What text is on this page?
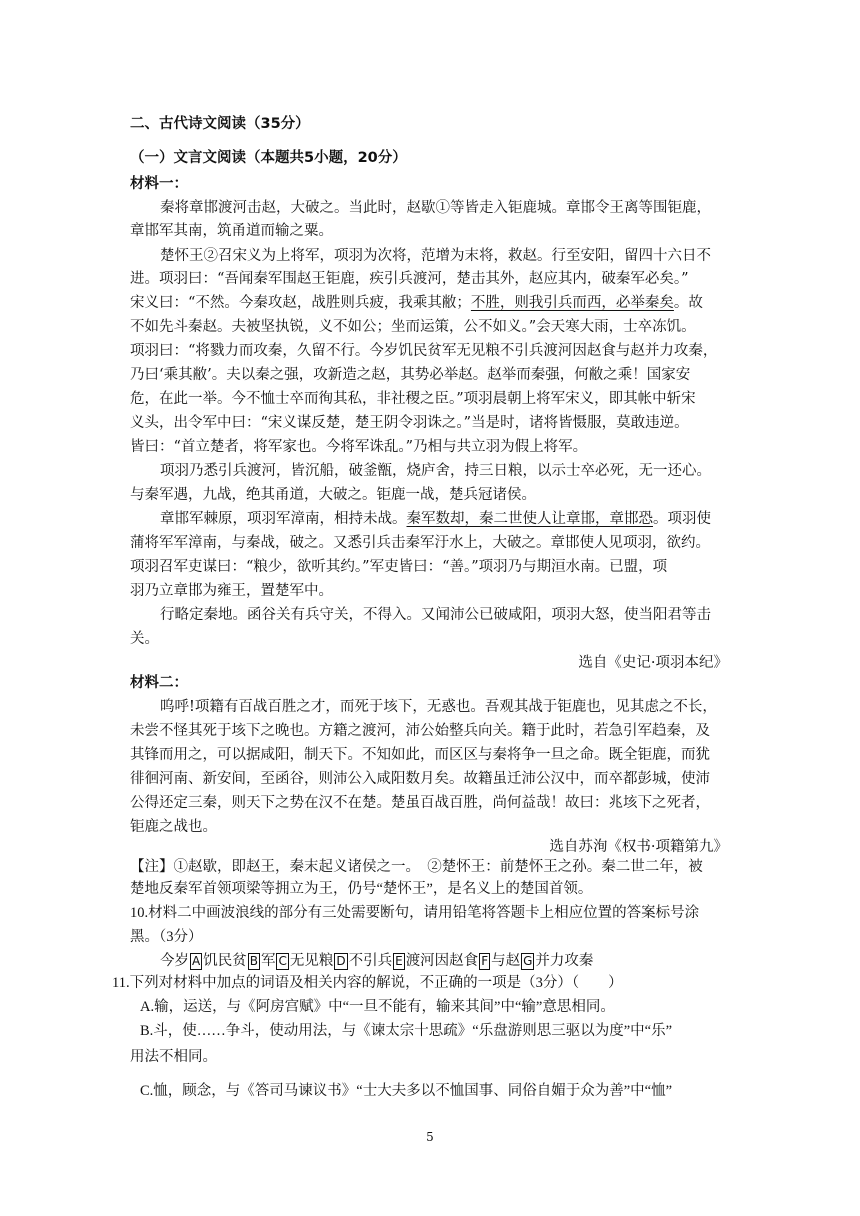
二、古代诗文阅读（35分）
（一）文言文阅读（本题共5小题，20分）
材料一：
秦将章邯渡河击赵，大破之。当此时，赵歇①等皆走入钜鹿城。章邯令王离等围钜鹿，
章邯军其南，筑甬道而输之粟。
楚怀王②召宋义为上将军，项羽为次将，范增为末将，救赵。行至安阳，留四十六日不
进。项羽曰：“吾闻秦军围赵王钜鹿，疾引兵渡河，楚击其外，赵应其内，破秦军必矣。”
宋义曰：“不然。今秦攻赵，战胜则兵疲，我乘其敝；不胜，则我引兵而西，必举秦矣。故
不如先斗秦赵。夫被坚执锐，义不如公；坐而运策，公不如义。”会天寒大雨，士卒冻饥。
项羽曰：“将戮力而攻秦，久留不行。今岁饥民贫军无见粮不引兵渡河因赵食与赵并力攻秦，
乃曰‘乘其敝’。夫以秦之强，攻新造之赵，其势必举赵。赵举而秦强，何敝之乘！国家安
危，在此一举。今不恤士卒而徇其私，非社稷之臣。”项羽晨朝上将军宋义，即其帐中斩宋
义头，出令军中曰：“宋义谋反楚，楚王阴令羽诛之。”当是时，诸将皆慑服，莫敢违逆。
皆曰：“首立楚者，将军家也。今将军诛乱。”乃相与共立羽为假上将军。
项羽乃悉引兵渡河，皆沉船，破釜甑，烧庐舍，持三日粮，以示士卒必死，无一还心。
与秦军遇，九战，绝其甬道，大破之。钜鹿一战，楚兵冠诸侯。
章邯军棘原，项羽军漳南，相持未战。秦军数却，秦二世使人让章邯，章邯恐。项羽使
蒲将军军漳南，与秦战，破之。又悉引兵击秦军汙水上，大破之。章邯使人见项羽，欲约。
项羽召军吏谋曰：“粮少，欲听其约。”军吏皆曰：“善。”项羽乃与期洹水南。已盟，项
羽乃立章邯为雍王，置楚军中。
行略定秦地。函谷关有兵守关，不得入。又闻沛公已破咸阳，项羽大怒，使当阳君等击
关。
选自《史记·项羽本纪》
材料二：
呜呼!项籍有百战百胜之才，而死于垓下，无惑也。吾观其战于钜鹿也，见其虑之不长，
未尝不怪其死于垓下之晚也。方籍之渡河，沛公始整兵向关。籍于此时，若急引军趋秦，及
其锋而用之，可以据咸阳，制天下。不知如此，而区区与秦将争一旦之命。既全钜鹿，而犹
徘徊河南、新安间，至函谷，则沛公入咸阳数月矣。故籍虽迁沛公汉中，而卒都彭城，使沛
公得还定三秦，则天下之势在汉不在楚。楚虽百战百胜，尚何益哉！故曰：兆垓下之死者，
钜鹿之战也。
选自苏洵《权书·项籍第九》
【注】①赵歇，即赵王，秦末起义诸侯之一。　②楚怀王：前楚怀王之孙。秦二世二年，被
楚地反秦军首领项梁等拥立为王，仍号“楚怀王”，是名义上的楚国首领。
10.材料二中画波浪线的部分有三处需要断句，请用铅笔将答题卡上相应位置的答案标号涂
黑。（3分）
今岁 A 饥民贫 B 军 C 无见粮 D 不引兵 E 渡河因赵食 F 与赵 G 并力攻秦
11.下列对材料中加点的词语及相关内容的解说，不正确的一项是（3分）（　　）
A.输，运送，与《阿房宫赋》中“一旦不能有，输来其间”中“输”意思相同。
B.斗，使……争斗，使动用法，与《谏太宗十思疏》“乐盘游则思三驱以为度”中“乐”
用法不相同。
C.恤，顾念，与《答司马谏议书》“士大夫多以不恤国事、同俗自媚于众为善”中“恤”
5
